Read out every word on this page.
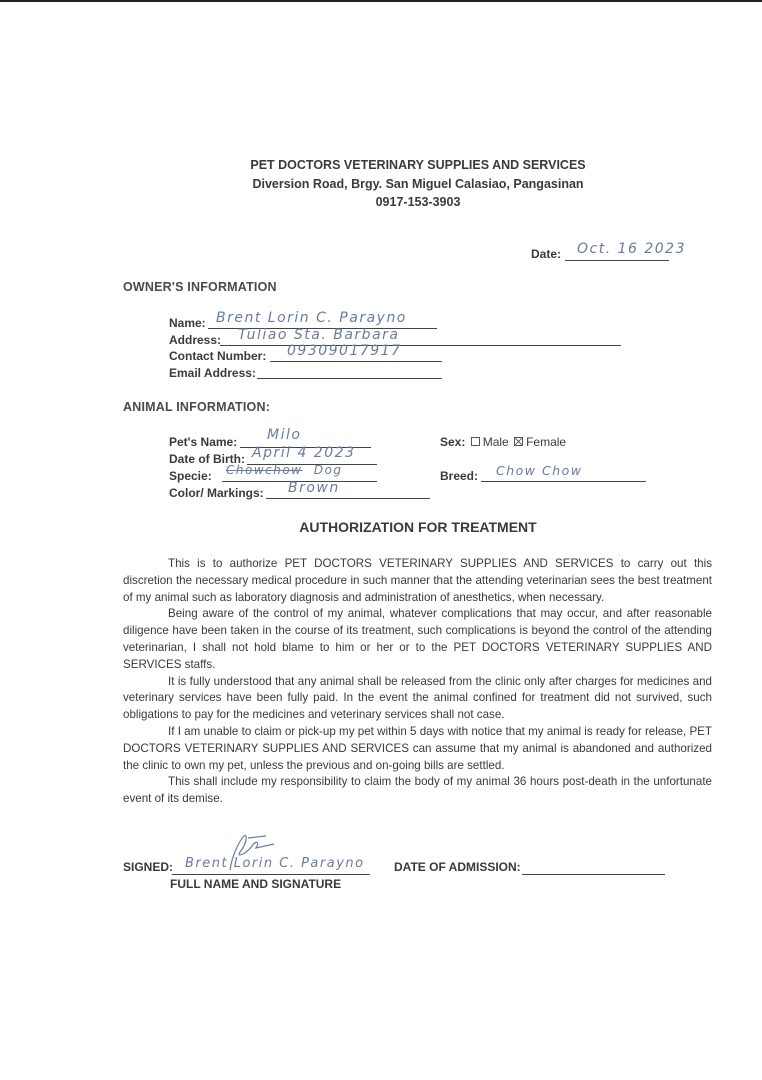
PET DOCTORS VETERINARY SUPPLIES AND SERVICES
Diversion Road, Brgy. San Miguel Calasiao, Pangasinan
0917-153-3903
Date: Oct. 16 2023
OWNER'S INFORMATION
Name: Brent Lorin C. Parayno
Address: Tuliao Sta. Barbara
Contact Number: 09309017917
Email Address:
ANIMAL INFORMATION:
Pet's Name: Milo
Date of Birth: April 4 2023
Specie: Chowchow Dog
Color/ Markings: Brown
Sex: Male Female
Breed: Chow Chow
AUTHORIZATION FOR TREATMENT

This is to authorize PET DOCTORS VETERINARY SUPPLIES AND SERVICES to carry out this discretion the necessary medical procedure in such manner that the attending veterinarian sees the best treatment of my animal such as laboratory diagnosis and administration of anesthetics, when necessary.

Being aware of the control of my animal, whatever complications that may occur, and after reasonable diligence have been taken in the course of its treatment, such complications is beyond the control of the attending veterinarian, I shall not hold blame to him or her or to the PET DOCTORS VETERINARY SUPPLIES AND SERVICES staffs.

It is fully understood that any animal shall be released from the clinic only after charges for medicines and veterinary services have been fully paid. In the event the animal confined for treatment did not survived, such obligations to pay for the medicines and veterinary services shall not case.

If I am unable to claim or pick-up my pet within 5 days with notice that my animal is ready for release, PET DOCTORS VETERINARY SUPPLIES AND SERVICES can assume that my animal is abandoned and authorized the clinic to own my pet, unless the previous and on-going bills are settled.

This shall include my responsibility to claim the body of my animal 36 hours post-death in the unfortunate event of its demise.

SIGNED: Brent Lorin C. Parayno
FULL NAME AND SIGNATURE
DATE OF ADMISSION:
